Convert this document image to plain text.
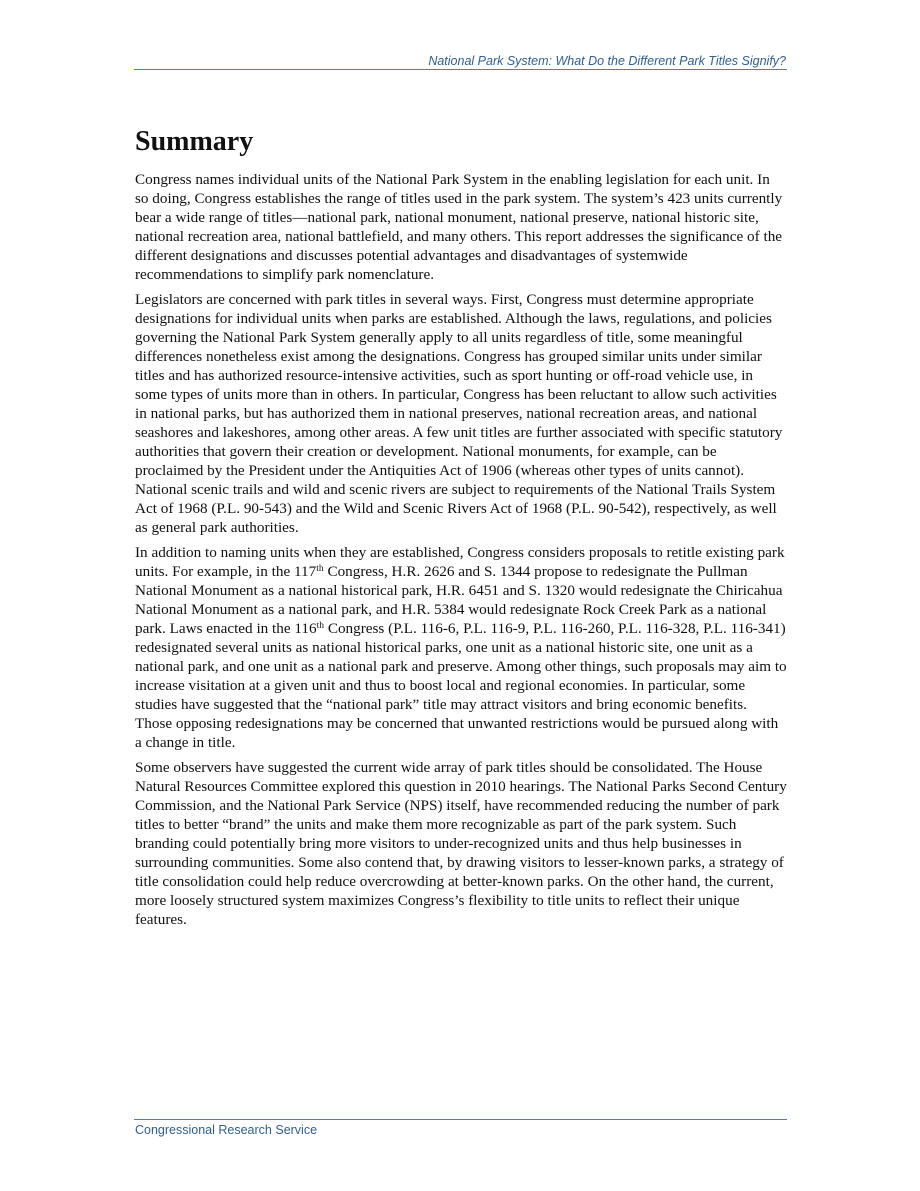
National Park System: What Do the Different Park Titles Signify?
Summary

Congress names individual units of the National Park System in the enabling legislation for each unit. In so doing, Congress establishes the range of titles used in the park system. The system’s 423 units currently bear a wide range of titles—national park, national monument, national preserve, national historic site, national recreation area, national battlefield, and many others. This report addresses the significance of the different designations and discusses potential advantages and disadvantages of systemwide recommendations to simplify park nomenclature.

Legislators are concerned with park titles in several ways. First, Congress must determine appropriate designations for individual units when parks are established. Although the laws, regulations, and policies governing the National Park System generally apply to all units regardless of title, some meaningful differences nonetheless exist among the designations. Congress has grouped similar units under similar titles and has authorized resource-intensive activities, such as sport hunting or off-road vehicle use, in some types of units more than in others. In particular, Congress has been reluctant to allow such activities in national parks, but has authorized them in national preserves, national recreation areas, and national seashores and lakeshores, among other areas. A few unit titles are further associated with specific statutory authorities that govern their creation or development. National monuments, for example, can be proclaimed by the President under the Antiquities Act of 1906 (whereas other types of units cannot). National scenic trails and wild and scenic rivers are subject to requirements of the National Trails System Act of 1968 (P.L. 90-543) and the Wild and Scenic Rivers Act of 1968 (P.L. 90-542), respectively, as well as general park authorities.

In addition to naming units when they are established, Congress considers proposals to retitle existing park units. For example, in the 117th Congress, H.R. 2626 and S. 1344 propose to redesignate the Pullman National Monument as a national historical park, H.R. 6451 and S. 1320 would redesignate the Chiricahua National Monument as a national park, and H.R. 5384 would redesignate Rock Creek Park as a national park. Laws enacted in the 116th Congress (P.L. 116-6, P.L. 116-9, P.L. 116-260, P.L. 116-328, P.L. 116-341) redesignated several units as national historical parks, one unit as a national historic site, one unit as a national park, and one unit as a national park and preserve. Among other things, such proposals may aim to increase visitation at a given unit and thus to boost local and regional economies. In particular, some studies have suggested that the “national park” title may attract visitors and bring economic benefits. Those opposing redesignations may be concerned that unwanted restrictions would be pursued along with a change in title.

Some observers have suggested the current wide array of park titles should be consolidated. The House Natural Resources Committee explored this question in 2010 hearings. The National Parks Second Century Commission, and the National Park Service (NPS) itself, have recommended reducing the number of park titles to better “brand” the units and make them more recognizable as part of the park system. Such branding could potentially bring more visitors to under-recognized units and thus help businesses in surrounding communities. Some also contend that, by drawing visitors to lesser-known parks, a strategy of title consolidation could help reduce overcrowding at better-known parks. On the other hand, the current, more loosely structured system maximizes Congress’s flexibility to title units to reflect their unique features.

Congressional Research Service
